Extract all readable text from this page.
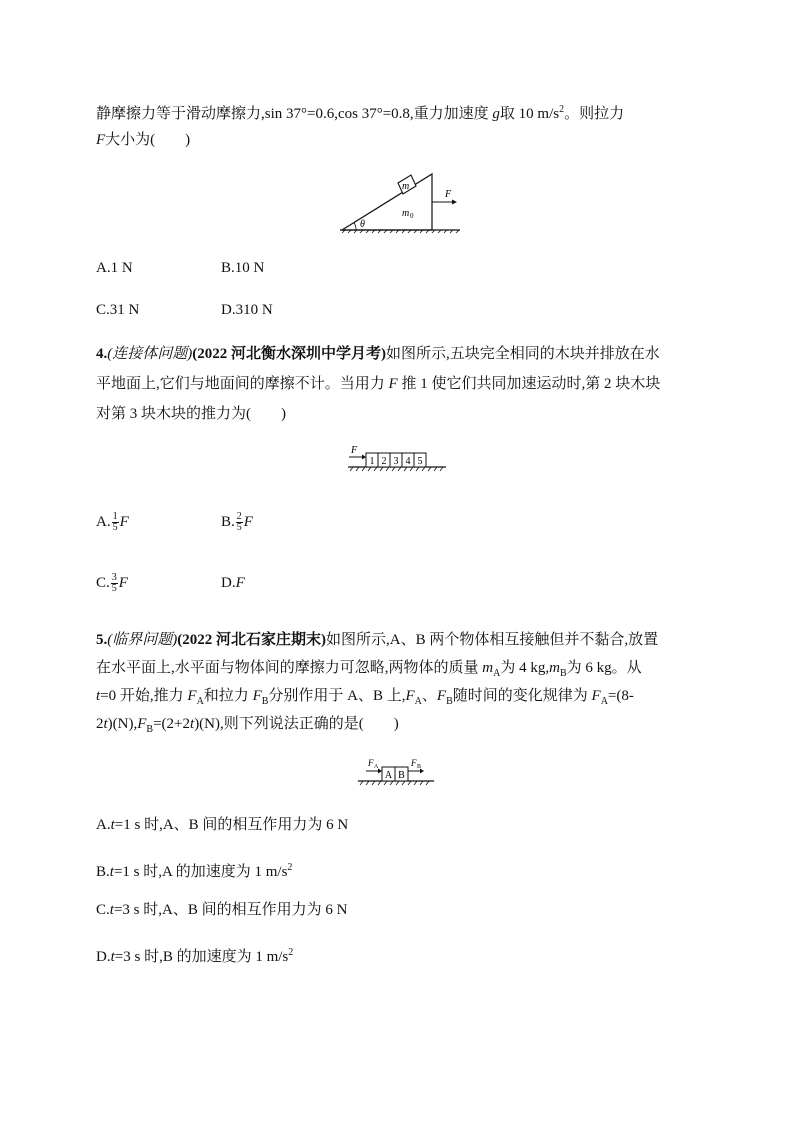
静摩擦力等于滑动摩擦力,sin 37°=0.6,cos 37°=0.8,重力加速度 g取 10 $m/s^2$。则拉力
F大小为(　　)
m
θ
m 0
F
A.1 N	B.10 N
C.31 N	D.310 N
4.(连接体问题)(2022 河北衡水深圳中学月考)如图所示,五块完全相同的木块并排放在水
平地面上,它们与地面间的摩擦不计。当用力 F 推 1 使它们共同加速运动时,第 2 块木块
对第 3 块木块的推力为(　　)
1 2 3 4 5
F
A. $\frac{1}{5}$ F	B. $\frac{2}{5}$ F
C. $\frac{3}{5}$ F	D.F
5.(临界问题)(2022 河北石家庄期末)如图所示,A、B 两个物体相互接触但并不黏合,放置
在水平面上,水平面与物体间的摩擦力可忽略,两物体的质量 $m_A$为 4 $kg,m_B$为 6 kg。从
t=0 开始,推力 $F_A$和拉力 $F_B$分别作用于 A、B 上$,F_A$、$F_B$随时间的变化规律为 $F_A=(8-$
$2t)(N),F_B=(2+2t)(N)$,则下列说法正确的是(　　)
A B
F A	F B
A.t=1 s 时,A、B 间的相互作用力为 6 N
B.t=1 s 时,A 的加速度为 1 $m/s^2$
C.t=3 s 时,A、B 间的相互作用力为 6 N
D.t=3 s 时,B 的加速度为 1 $m/s^2$
